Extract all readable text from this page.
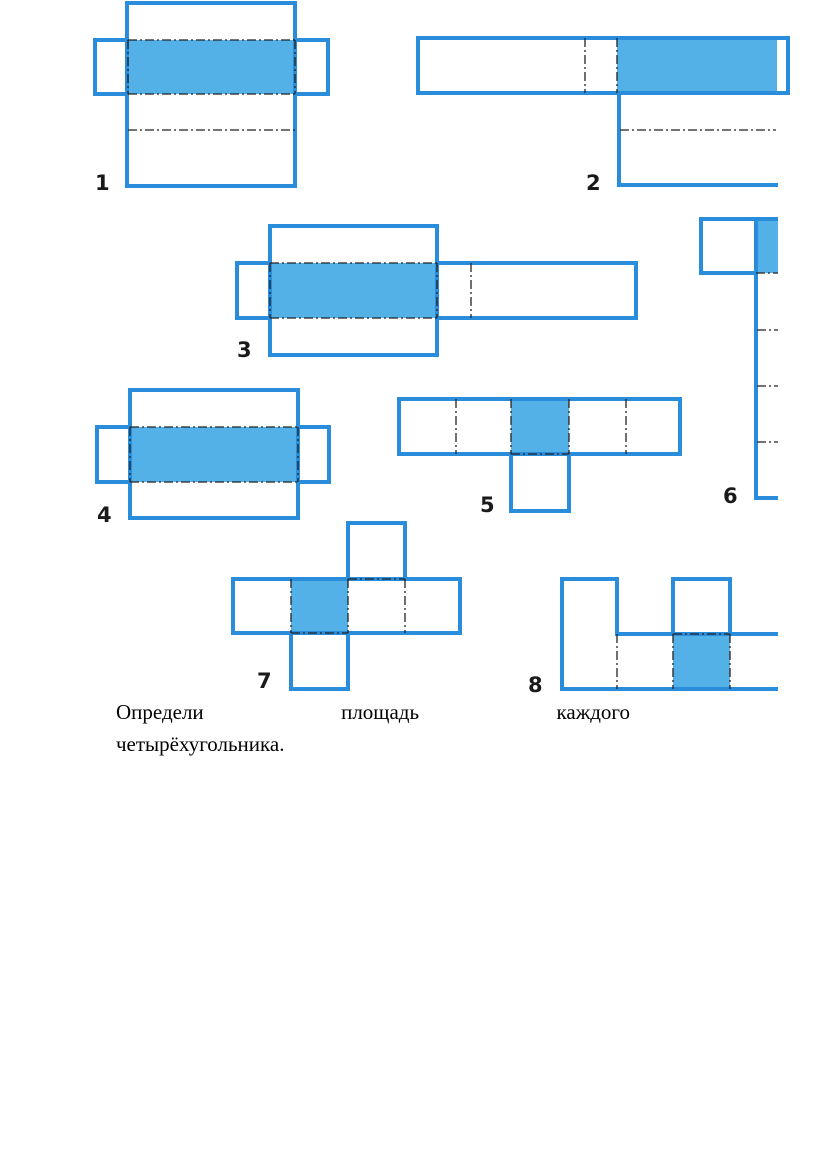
1	2
3
4	5	6
7	8
Определи	площадь	каждого
четырёхугольника.
